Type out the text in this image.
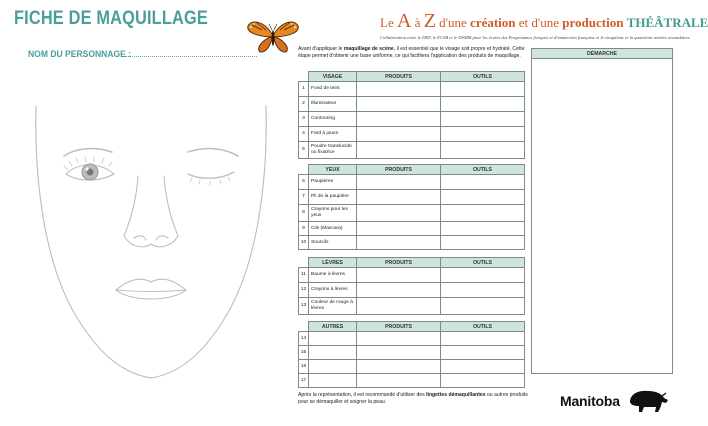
FICHE DE MAQUILLAGE
NOM DU PERSONNAGE :
Le A à Z d'une création et d'une production THÉÂTRALE
Collaboration entre le DEF, le ECSB et le DSMM pour les écoles des Programmes français et d'immersion française et le cinquième et la quatrième années secondaires
Avant d'appliquer le maquillage de scène, il est essentiel que le visage soit propre et hydraté. Cette étape permet d'obtenir une base uniforme, ce qui facilitera l'application des produits de maquillage.
	VISAGE	PRODUITS	OUTILS
1	Fond de teint		
2	Illuminateur		
3	Contouring		
4	Fard à joues		
5	Poudre translucide ou fixatrice		
	YEUX	PRODUITS	OUTILS
6	Paupières		
7	Pli de la paupière		
8	Crayons pour les yeux		
9	Cils (Mascara)		
10	Sourcils		
	LÈVRES	PRODUITS	OUTILS
11	Baume à lèvres		
12	Crayons à lèvres		
13	Couleur de rouge à lèvres		
	AUTRES	PRODUITS	OUTILS
14			
15			
16			
17			
Après la représentation, il est recommandé d'utiliser des lingettes démaquillantes ou autres produits pour se démaquiller et soigner la peau.
DÉMARCHE
Manitoba
